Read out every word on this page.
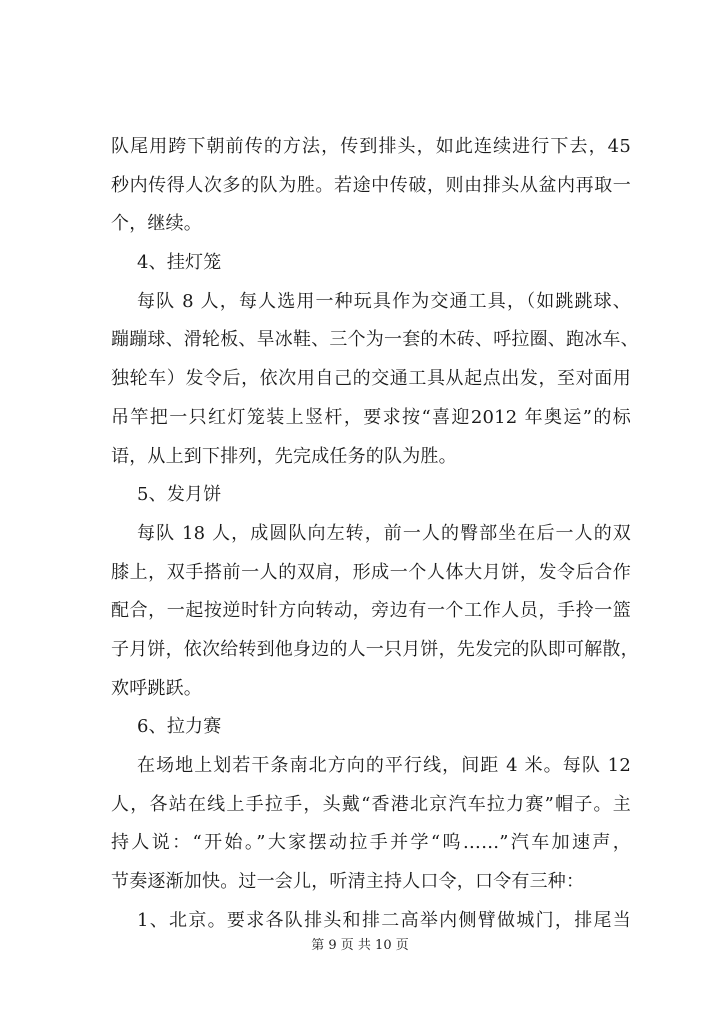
队尾用跨下朝前传的方法，传到排头，如此连续进行下去，45
秒内传得人次多的队为胜。若途中传破，则由排头从盆内再取一
个，继续。
4、挂灯笼
每队 8 人，每人选用一种玩具作为交通工具，（如跳跳球、
蹦蹦球、滑轮板、旱冰鞋、三个为一套的木砖、呼拉圈、跑冰车、
独轮车）发令后，依次用自己的交通工具从起点出发，至对面用
吊竿把一只红灯笼装上竖杆，要求按“喜迎2012 年奥运”的标
语，从上到下排列，先完成任务的队为胜。
5、发月饼
每队 18 人，成圆队向左转，前一人的臀部坐在后一人的双
膝上，双手搭前一人的双肩，形成一个人体大月饼，发令后合作
配合，一起按逆时针方向转动，旁边有一个工作人员，手拎一篮
子月饼，依次给转到他身边的人一只月饼，先发完的队即可解散，
欢呼跳跃。
6、拉力赛
在场地上划若干条南北方向的平行线，间距 4 米。每队 12
人，各站在线上手拉手，头戴“香港北京汽车拉力赛”帽子。主
持人说：“开始。”大家摆动拉手并学“呜……”汽车加速声，
节奏逐渐加快。过一会儿，听清主持人口令，口令有三种：
1、北京。要求各队排头和排二高举内侧臂做城门，排尾当
第 9 页 共 10 页
